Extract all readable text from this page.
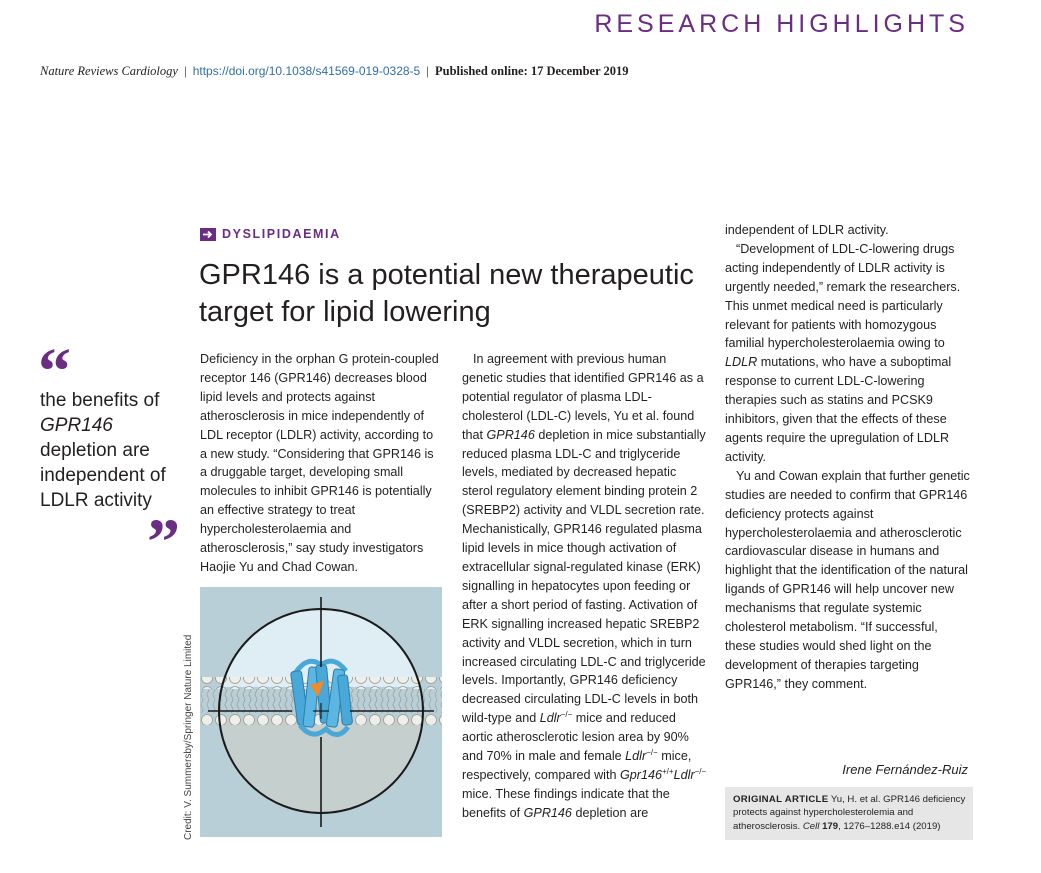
RESEARCH HIGHLIGHTS
Nature Reviews Cardiology | https://doi.org/10.1038/s41569-019-0328-5 | Published online: 17 December 2019
DYSLIPIDAEMIA
GPR146 is a potential new therapeutic target for lipid lowering
“
the benefits of GPR146 depletion are independent of LDLR activity
”

Deficiency in the orphan G protein-coupled receptor 146 (GPR146) decreases blood lipid levels and protects against atherosclerosis in mice independently of LDL receptor (LDLR) activity, according to a new study. “Considering that GPR146 is a druggable target, developing small molecules to inhibit GPR146 is potentially an effective strategy to treat hypercholesterolaemia and atherosclerosis,” say study investigators Haojie Yu and Chad Cowan.

In agreement with previous human genetic studies that identified GPR146 as a potential regulator of plasma LDL-cholesterol (LDL-C) levels, Yu et al. found that GPR146 depletion in mice substantially reduced plasma LDL-C and triglyceride levels, mediated by decreased hepatic sterol regulatory element binding protein 2 (SREBP2) activity and VLDL secretion rate. Mechanistically, GPR146 regulated plasma lipid levels in mice though activation of extracellular signal-regulated kinase (ERK) signalling in hepatocytes upon feeding or after a short period of fasting. Activation of ERK signalling increased hepatic SREBP2 activity and VLDL secretion, which in turn increased circulating LDL-C and triglyceride levels. Importantly, GPR146 deficiency decreased circulating LDL-C levels in both wild-type and Ldlr−/− mice and reduced aortic atherosclerotic lesion area by 90% and 70% in male and female Ldlr−/− mice, respectively, compared with Gpr146+/+Ldlr−/− mice. These findings indicate that the benefits of GPR146 depletion are

independent of LDLR activity.

“Development of LDL-C-lowering drugs acting independently of LDLR activity is urgently needed,” remark the researchers. This unmet medical need is particularly relevant for patients with homozygous familial hypercholesterolaemia owing to LDLR mutations, who have a suboptimal response to current LDL-C-lowering therapies such as statins and PCSK9 inhibitors, given that the effects of these agents require the upregulation of LDLR activity.

Yu and Cowan explain that further genetic studies are needed to confirm that GPR146 deficiency protects against hypercholesterolaemia and atherosclerotic cardiovascular disease in humans and highlight that the identification of the natural ligands of GPR146 will help uncover new mechanisms that regulate systemic cholesterol metabolism. “If successful, these studies would shed light on the development of therapies targeting GPR146,” they comment.

Credit: V. Summersby/Springer Nature Limited	Irene Fernández-Ruiz
ORIGINAL ARTICLE Yu, H. et al. GPR146 deficiency protects against hypercholesterolemia and atherosclerosis. Cell 179, 1276–1288.e14 (2019)
